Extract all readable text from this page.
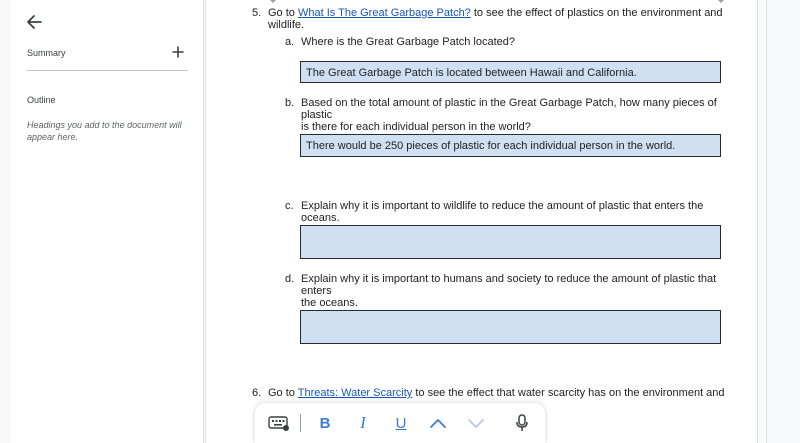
Summary
Outline
Headings you add to the document will appear here.
5. Go to What Is The Great Garbage Patch? to see the effect of plastics on the environment and
wildlife.
a. Where is the Great Garbage Patch located?
The Great Garbage Patch is located between Hawaii and California.
b. Based on the total amount of plastic in the Great Garbage Patch, how many pieces of plastic
is there for each individual person in the world?
There would be 250 pieces of plastic for each individual person in the world.
c. Explain why it is important to wildlife to reduce the amount of plastic that enters the oceans.
d. Explain why it is important to humans and society to reduce the amount of plastic that enters
the oceans.
6. Go to Threats: Water Scarcity to see the effect that water scarcity has on the environment and
B	I	U
